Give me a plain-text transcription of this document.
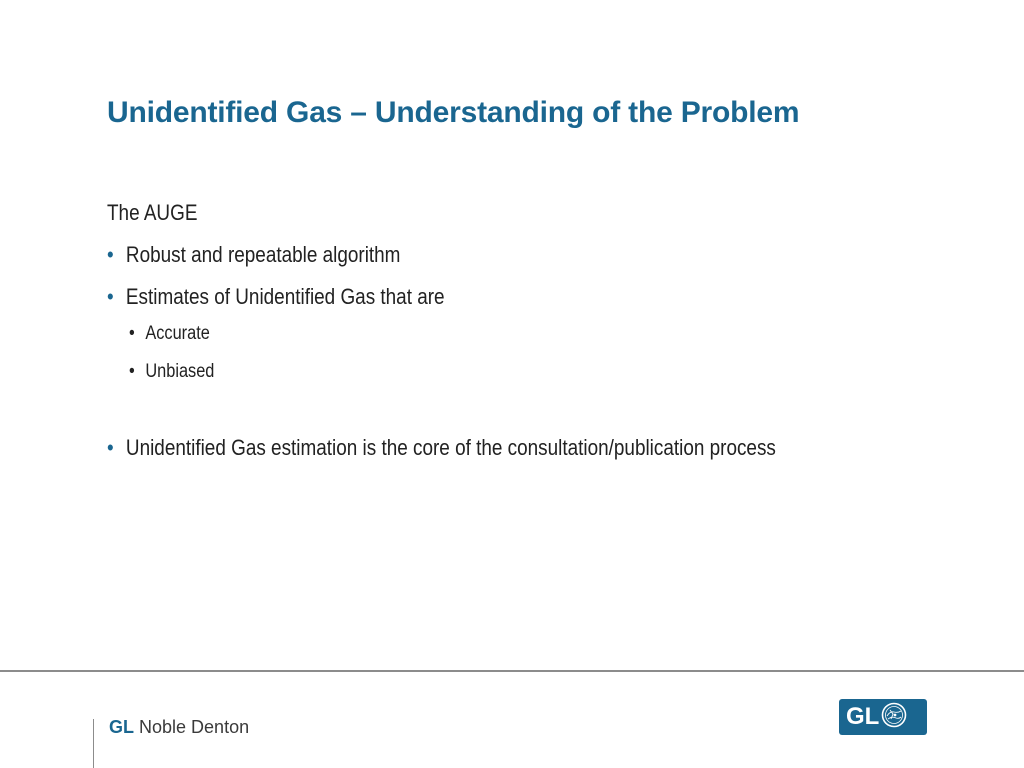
Unidentified Gas – Understanding of the Problem
The AUGE
• Robust and repeatable algorithm
• Estimates of Unidentified Gas that are
• Accurate
• Unbiased
• Unidentified Gas estimation is the core of the consultation/publication process
GL Noble Denton	GL
